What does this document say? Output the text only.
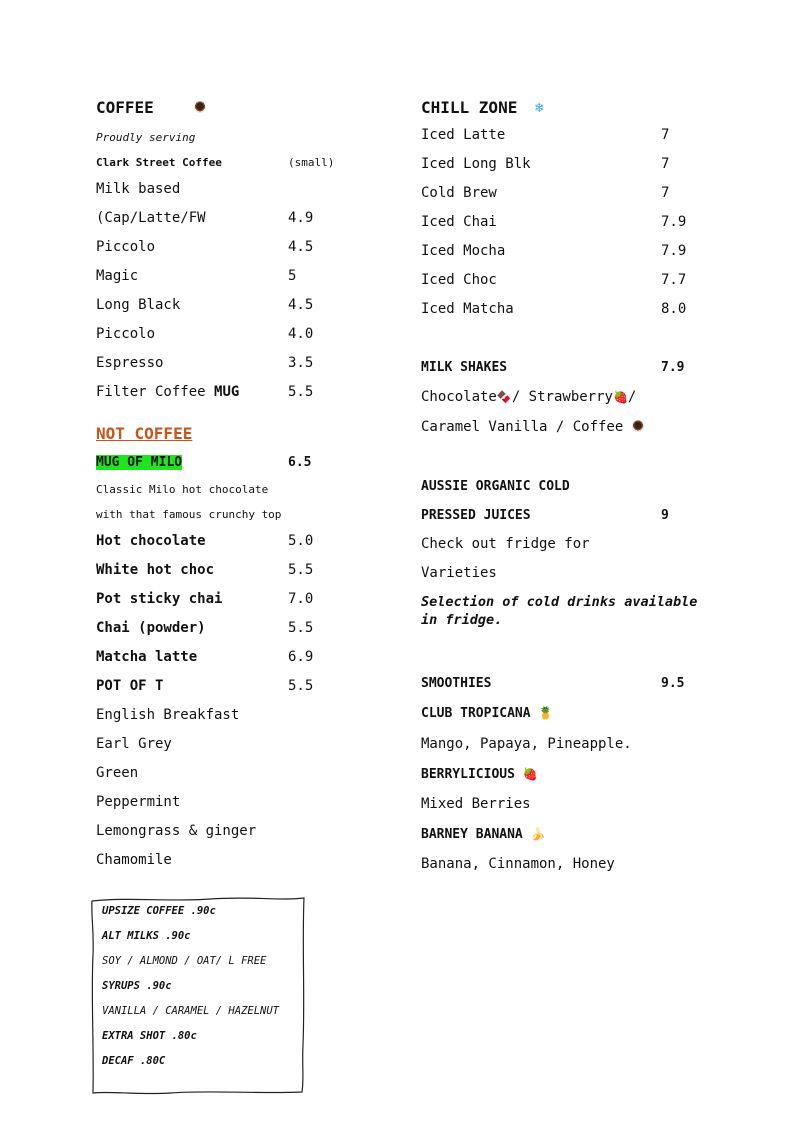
COFFEE
Proudly serving
Clark Street Coffee	(small)
Milk based
(Cap/Latte/FW	4.9
Piccolo	4.5
Magic	5
Long Black	4.5
Piccolo	4.0
Espresso	3.5
Filter Coffee MUG	5.5
NOT COFFEE
MUG OF MILO	6.5
Classic Milo hot chocolate
with that famous crunchy top
Hot chocolate	5.0
White hot choc	5.5
Pot sticky chai	7.0
Chai (powder)	5.5
Matcha latte	6.9
POT OF T	5.5
English Breakfast
Earl Grey
Green
Peppermint
Lemongrass & ginger
Chamomile
UPSIZE COFFEE .90c
ALT MILKS .90c
SOY / ALMOND / OAT/ L FREE
SYRUPS .90c
VANILLA / CARAMEL / HAZELNUT
EXTRA SHOT .80c
DECAF .80C
CHILL ZONE ❄
Iced Latte	7
Iced Long Blk	7
Cold Brew	7
Iced Chai	7.9
Iced Mocha	7.9
Iced Choc	7.7
Iced Matcha	8.0
MILK SHAKES	7.9
Chocolate🍫/ Strawberry🍓/
Caramel Vanilla / Coffee
AUSSIE ORGANIC COLD
PRESSED JUICES	9
Check out fridge for
Varieties
Selection of cold drinks available in fridge.
SMOOTHIES	9.5
CLUB TROPICANA 🍍
Mango, Papaya, Pineapple.
BERRYLICIOUS 🍓
Mixed Berries
BARNEY BANANA 🍌
Banana, Cinnamon, Honey
